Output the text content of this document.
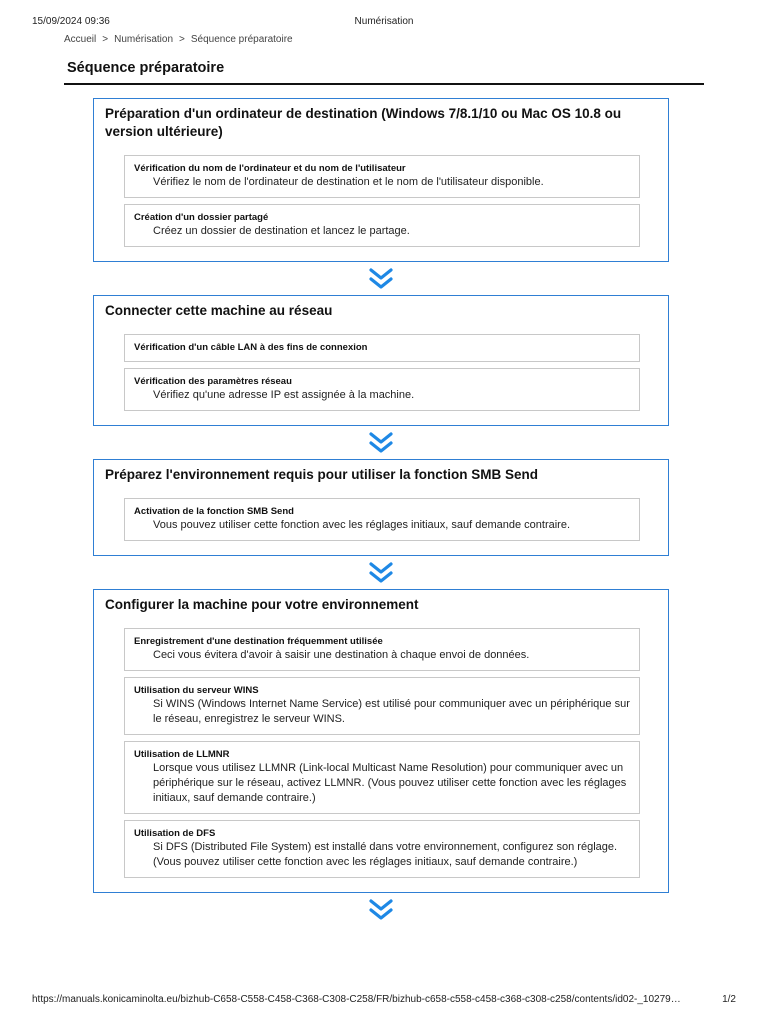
15/09/2024 09:36	Numérisation
Accueil > Numérisation > Séquence préparatoire
Séquence préparatoire
Préparation d'un ordinateur de destination (Windows 7/8.1/10 ou Mac OS 10.8 ou version ultérieure)
Vérification du nom de l'ordinateur et du nom de l'utilisateur
Vérifiez le nom de l'ordinateur de destination et le nom de l'utilisateur disponible.
Création d'un dossier partagé
Créez un dossier de destination et lancez le partage.
Connecter cette machine au réseau
Vérification d'un câble LAN à des fins de connexion
Vérification des paramètres réseau
Vérifiez qu'une adresse IP est assignée à la machine.
Préparez l'environnement requis pour utiliser la fonction SMB Send
Activation de la fonction SMB Send
Vous pouvez utiliser cette fonction avec les réglages initiaux, sauf demande contraire.
Configurer la machine pour votre environnement
Enregistrement d'une destination fréquemment utilisée
Ceci vous évitera d'avoir à saisir une destination à chaque envoi de données.
Utilisation du serveur WINS
Si WINS (Windows Internet Name Service) est utilisé pour communiquer avec un périphérique sur le réseau, enregistrez le serveur WINS.
Utilisation de LLMNR
Lorsque vous utilisez LLMNR (Link-local Multicast Name Resolution) pour communiquer avec un périphérique sur le réseau, activez LLMNR. (Vous pouvez utiliser cette fonction avec les réglages initiaux, sauf demande contraire.)
Utilisation de DFS
Si DFS (Distributed File System) est installé dans votre environnement, configurez son réglage. (Vous pouvez utiliser cette fonction avec les réglages initiaux, sauf demande contraire.)
https://manuals.konicaminolta.eu/bizhub-C658-C558-C458-C368-C308-C258/FR/bizhub-c658-c558-c458-c368-c308-c258/contents/id02-_10279…	1/2
